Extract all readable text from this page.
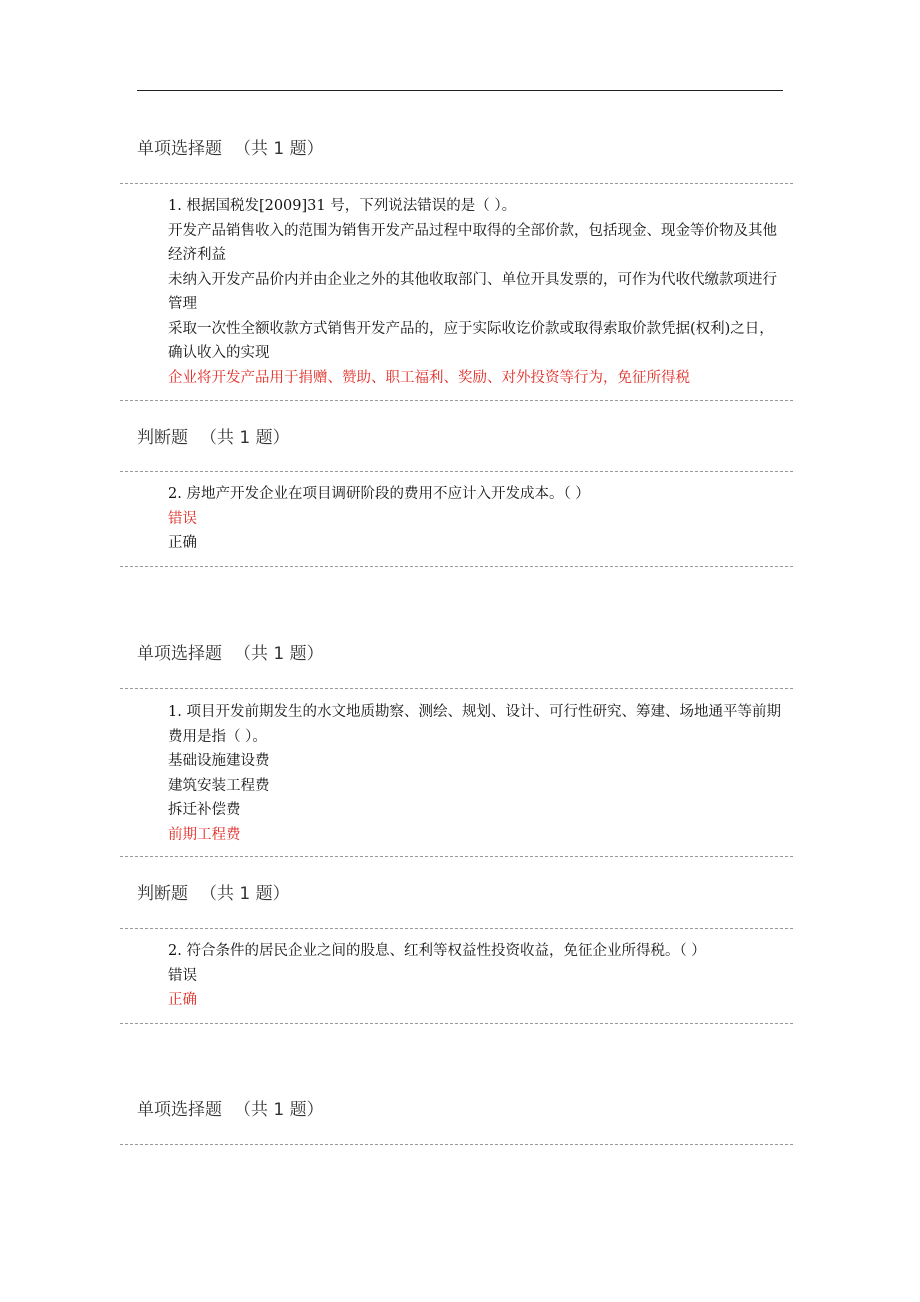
单项选择题 （共 1 题）
1. 根据国税发[2009]31 号，下列说法错误的是（ ）。
开发产品销售收入的范围为销售开发产品过程中取得的全部价款，包括现金、现金等价物及其他经济利益
未纳入开发产品价内并由企业之外的其他收取部门、单位开具发票的，可作为代收代缴款项进行管理
采取一次性全额收款方式销售开发产品的，应于实际收讫价款或取得索取价款凭据(权利)之日，确认收入的实现
企业将开发产品用于捐赠、赞助、职工福利、奖励、对外投资等行为，免征所得税
判断题 （共 1 题）
2. 房地产开发企业在项目调研阶段的费用不应计入开发成本。（ ）
错误
正确
单项选择题 （共 1 题）
1. 项目开发前期发生的水文地质勘察、测绘、规划、设计、可行性研究、筹建、场地通平等前期费用是指（ ）。
基础设施建设费
建筑安装工程费
拆迁补偿费
前期工程费
判断题 （共 1 题）
2. 符合条件的居民企业之间的股息、红利等权益性投资收益，免征企业所得税。（ ）
错误
正确
单项选择题 （共 1 题）
